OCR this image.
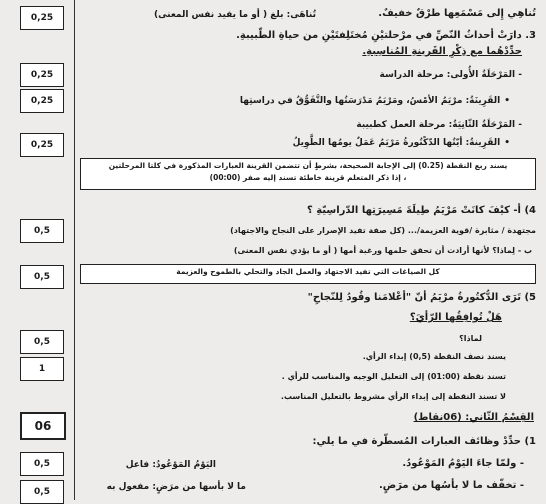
0,25
0,25
0,25
0,25
0,5
0,5
0,5
1
06
0,5
0,5
تُناهِي إِلى مَسْمَعِها طرْقٌ خفيفٌ.
تُناهَى: بلغ ( أو ما يفيد نفس المعنى)
3. دارَتْ أحداثُ النّصِّ في مرْحلتيْنِ مُختَلِفتَيْنِ من حياةِ الطّبيبةِ.
حدِّدْهُما مع ذِكْرِ القَرينةِ المُناسِبةِ.
- المَرْحَلَةُ الأُولى: مرحلة الدراسة
• القَرِينَةُ: مرْيَمُ الأمْسُ، ومَرْيَمُ مَدْرَسَتُها والتَّفَوُّقُ في دراستِها
- المَرْحَلَةُ الثّانِيَةُ: مرحلة العمل كطبيبة
• القَرِينةُ: أيّتُها الدّكْتُورةُ مَرْيَمُ عَمَلٌ يومُها الطَّوِيلُ
يسند ربع النقطة (0.25) إلى الإجابة الصحيحة، بشرطٍ أن تتضمن القرينة العبارات المذكورة في كلتا المرحلتين
، إذا ذكر المتعلم قرينة خاطئة تسند إليه صفر (00:00)
4) أ- كيْفَ كانَتْ مَرْيَمُ طِيلَةَ مَسِيرَتِها الدّراسِيّةِ ؟
مجتهدة / مثابرة /قوية العزيمة/... (كل صفة تفيد الإصرار على النجاح والاجتهاد)
ب - لِماذا؟ لأنها أرادت أن تحقق حلمها ورغبة أمها ( أو ما يؤدي نفس المعنى)
كل الصياغات التي تفيد الاجتهاد والعمل الجاد والتحلي بالطموح والعزيمة
5) تَرَى الدُّكتُورةُ مرْيَمُ أنّ "أعْلامَنا وقُودُ لِلنّجاحِ"
هَلْ تُوافِقُها الرّأيَ؟
لماذا؟
يسند نصف النقطة (0,5) إبداء الرأي.
تسند نقطة (01:00) إلى التعليل الوجيه والمناسب للرأي .
لا تسند النقطة إلى إبداء الرأي مشروط بالتعليل المناسب.
القِسْمُ الثّاني: (06نقاط)
1) حدِّدْ وظائف العبارات المُسطّرة في ما يلي:
- ولمّا جاءَ اليَوْمُ المَوْعُودُ.
اليَوْمُ المَوْعُودُ: فاعل
- تخفّف ما لا بأسُها من مرَضٍ.
ما لا بأسها من مرَضٍ: مفعول به
